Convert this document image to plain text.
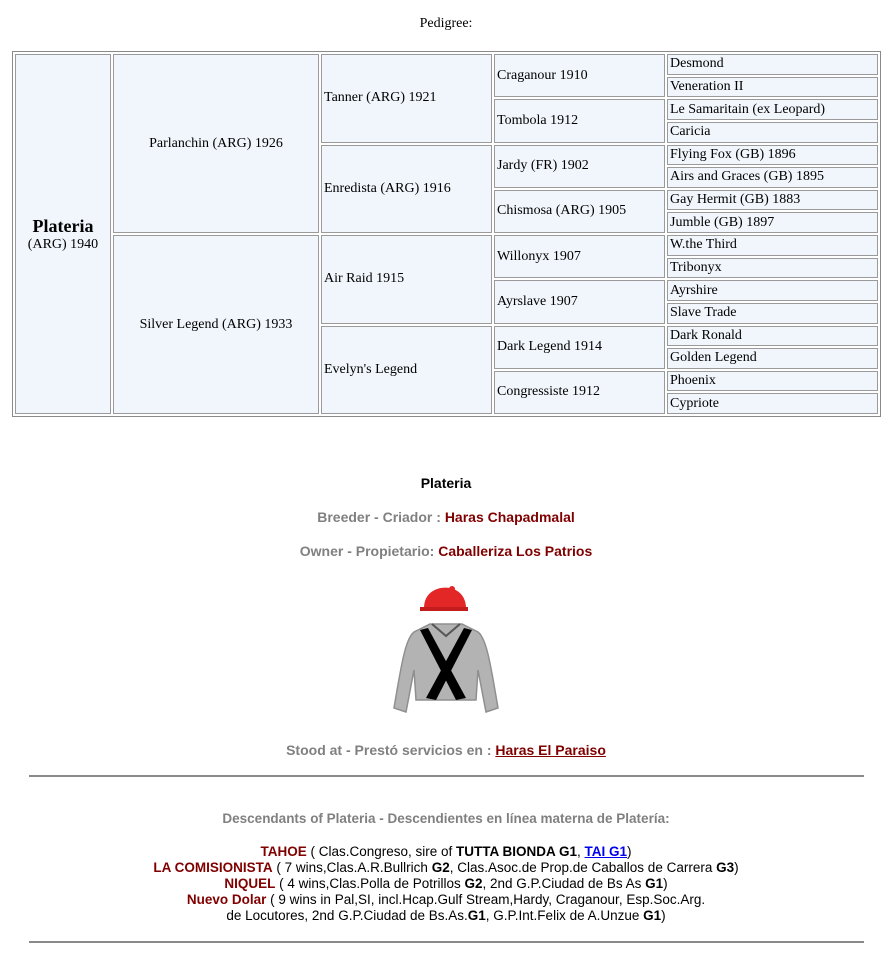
Pedigree:
Plateria
(ARG) 1940	Parlanchin (ARG) 1926	Tanner (ARG) 1921	Craganour 1910	Desmond
				Veneration II
			Tombola 1912	Le Samaritain (ex Leopard)
				Caricia
		Enredista (ARG) 1916	Jardy (FR) 1902	Flying Fox (GB) 1896
				Airs and Graces (GB) 1895
			Chismosa (ARG) 1905	Gay Hermit (GB) 1883
				Jumble (GB) 1897
	Silver Legend (ARG) 1933	Air Raid 1915	Willonyx 1907	W.the Third
				Tribonyx
			Ayrslave 1907	Ayrshire
				Slave Trade
		Evelyn's Legend	Dark Legend 1914	Dark Ronald
				Golden Legend
			Congressiste 1912	Phoenix
				Cypriote
Plateria
Breeder - Criador : Haras Chapadmalal
Owner - Propietario: Caballeriza Los Patrios
Stood at - Prestó servicios en : Haras El Paraiso
Descendants of Plateria - Descendientes en línea materna de Platería:
TAHOE ( Clas.Congreso, sire of TUTTA BIONDA G1, TAI G1)
LA COMISIONISTA ( 7 wins,Clas.A.R.Bullrich G2, Clas.Asoc.de Prop.de Caballos de Carrera G3)
NIQUEL ( 4 wins,Clas.Polla de Potrillos G2, 2nd G.P.Ciudad de Bs As G1)
Nuevo Dolar ( 9 wins in Pal,SI, incl.Hcap.Gulf Stream,Hardy, Craganour, Esp.Soc.Arg.
de Locutores, 2nd G.P.Ciudad de Bs.As.G1, G.P.Int.Felix de A.Unzue G1)
